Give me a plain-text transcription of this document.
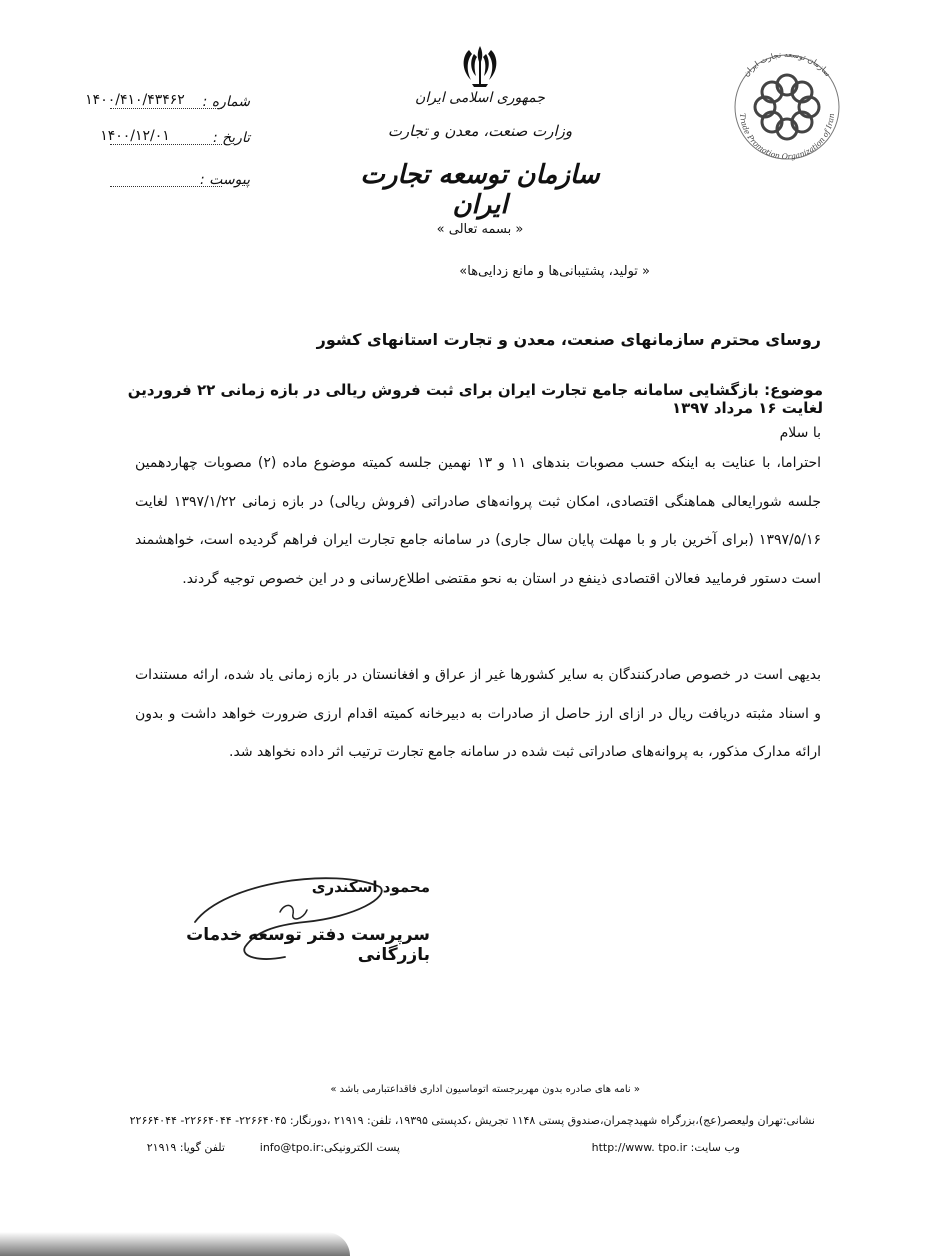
شماره :
۱۴۰۰/۴۱۰/۴۳۴۶۲
تاریخ :
۱۴۰۰/۱۲/۰۱
پیوست :
جمهوری اسلامی ایران
وزارت صنعت، معدن و تجارت
سازمان توسعه تجارت ایران
سازمان توسعه تجارت ایران
Trade Promotion Organization of Iran
« بسمه تعالی »
« تولید، پشتیبانی‌ها و مانع زدایی‌ها»
روسای محترم سازمانهای صنعت، معدن و تجارت استانهای کشور
موضوع: بازگشایی سامانه جامع تجارت ایران برای ثبت فروش ریالی در بازه زمانی ۲۲ فروردین لغایت ۱۶ مرداد ۱۳۹۷
با سلام
احتراما، با عنایت به اینکه حسب مصوبات بندهای ۱۱ و ۱۳ نهمین جلسه کمیته موضوع ماده (۲) مصوبات چهاردهمین جلسه شورایعالی هماهنگی اقتصادی، امکان ثبت پروانه‌های صادراتی (فروش ریالی) در بازه زمانی ۱۳۹۷/۱/۲۲ لغایت ۱۳۹۷/۵/۱۶ (برای آخرین بار و با مهلت پایان سال جاری) در سامانه جامع تجارت ایران فراهم گردیده است، خواهشمند است دستور فرمایید فعالان اقتصادی ذینفع در استان به نحو مقتضی اطلاع‌رسانی و در این خصوص توجیه گردند.
بدیهی است در خصوص صادرکنندگان به سایر کشورها غیر از عراق و افغانستان در بازه زمانی یاد شده، ارائه مستندات و اسناد مثبته دریافت ریال در ازای ارز حاصل از صادرات به دبیرخانه کمیته اقدام ارزی ضرورت خواهد داشت و بدون ارائه مدارک مذکور، به پروانه‌های صادراتی ثبت شده در سامانه جامع تجارت ترتیب اثر داده نخواهد شد.
محمود اسکندری
سرپرست دفتر توسعه خدمات بازرگانی
« نامه های صادره بدون مهربرجسته اتوماسیون اداری فاقداعتبارمی باشد »
نشانی:تهران ولیعصر(عج)،بزرگراه شهیدچمران،صندوق پستی ۱۱۴۸ تجریش ،کدپستی ۱۹۳۹۵، تلفن: ۲۱۹۱۹ ،دورنگار: ۲۲۶۶۴۰۴۵- ۲۲۶۶۴۰۴۴- ۲۲۶۶۴۰۴۴
وب سایت: http://www. tpo.ir
پست الکترونیکی:info@tpo.ir
تلفن گویا: ۲۱۹۱۹
